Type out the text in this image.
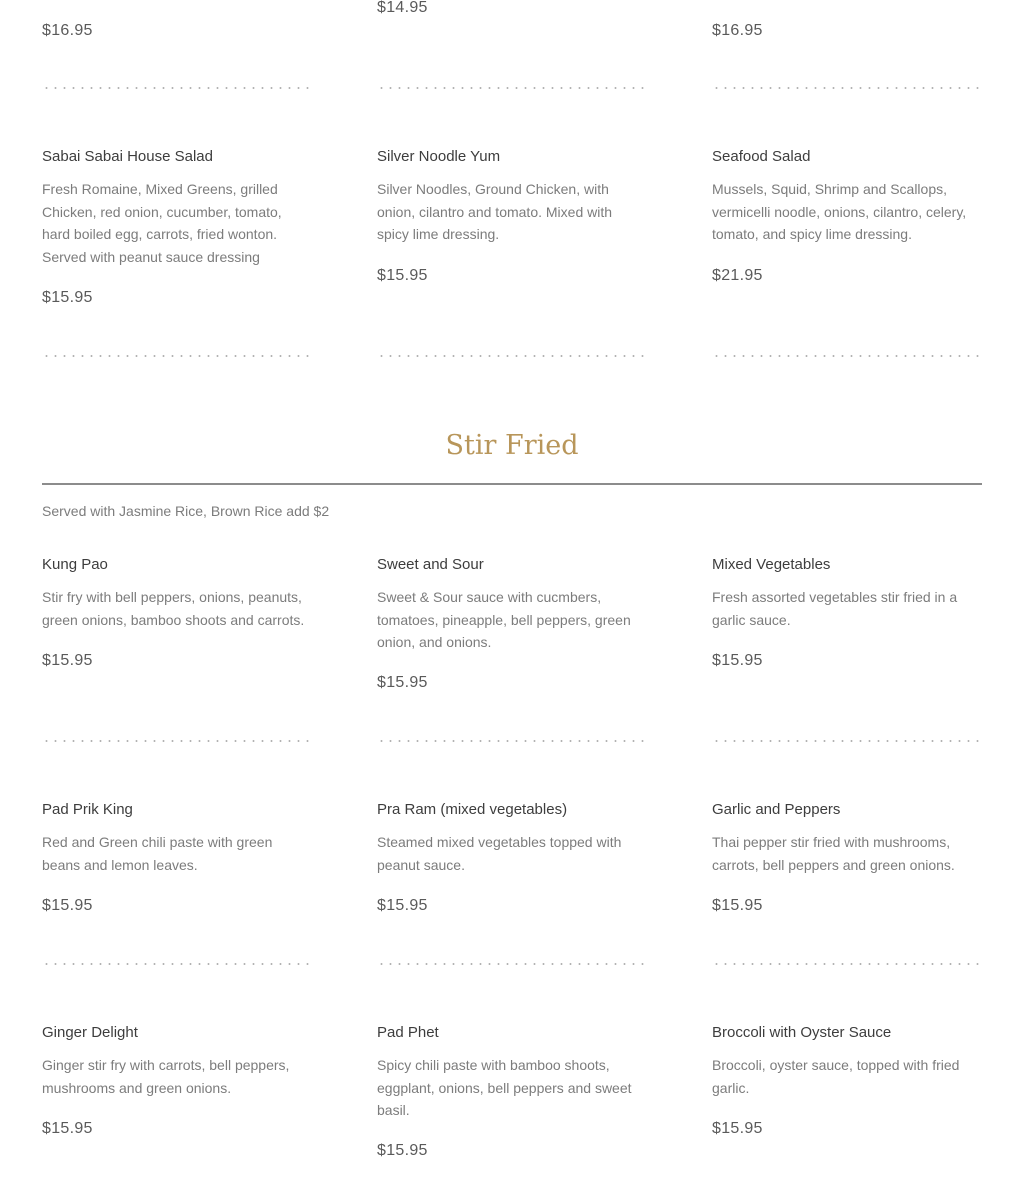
$16.95
$14.95
$16.95
Sabai Sabai House Salad
Fresh Romaine, Mixed Greens, grilled Chicken, red onion, cucumber, tomato, hard boiled egg, carrots, fried wonton. Served with peanut sauce dressing
$15.95
Silver Noodle Yum
Silver Noodles, Ground Chicken, with onion, cilantro and tomato. Mixed with spicy lime dressing.
$15.95
Seafood Salad
Mussels, Squid, Shrimp and Scallops, vermicelli noodle, onions, cilantro, celery, tomato, and spicy lime dressing.
$21.95
Stir Fried
Served with Jasmine Rice, Brown Rice add $2
Kung Pao
Stir fry with bell peppers, onions, peanuts, green onions, bamboo shoots and carrots.
$15.95
Sweet and Sour
Sweet & Sour sauce with cucmbers, tomatoes, pineapple, bell peppers, green onion, and onions.
$15.95
Mixed Vegetables
Fresh assorted vegetables stir fried in a garlic sauce.
$15.95
Pad Prik King
Red and Green chili paste with green beans and lemon leaves.
$15.95
Pra Ram (mixed vegetables)
Steamed mixed vegetables topped with peanut sauce.
$15.95
Garlic and Peppers
Thai pepper stir fried with mushrooms, carrots, bell peppers and green onions.
$15.95
Ginger Delight
Ginger stir fry with carrots, bell peppers, mushrooms and green onions.
$15.95
Pad Phet
Spicy chili paste with bamboo shoots, eggplant, onions, bell peppers and sweet basil.
$15.95
Broccoli with Oyster Sauce
Broccoli, oyster sauce, topped with fried garlic.
$15.95
